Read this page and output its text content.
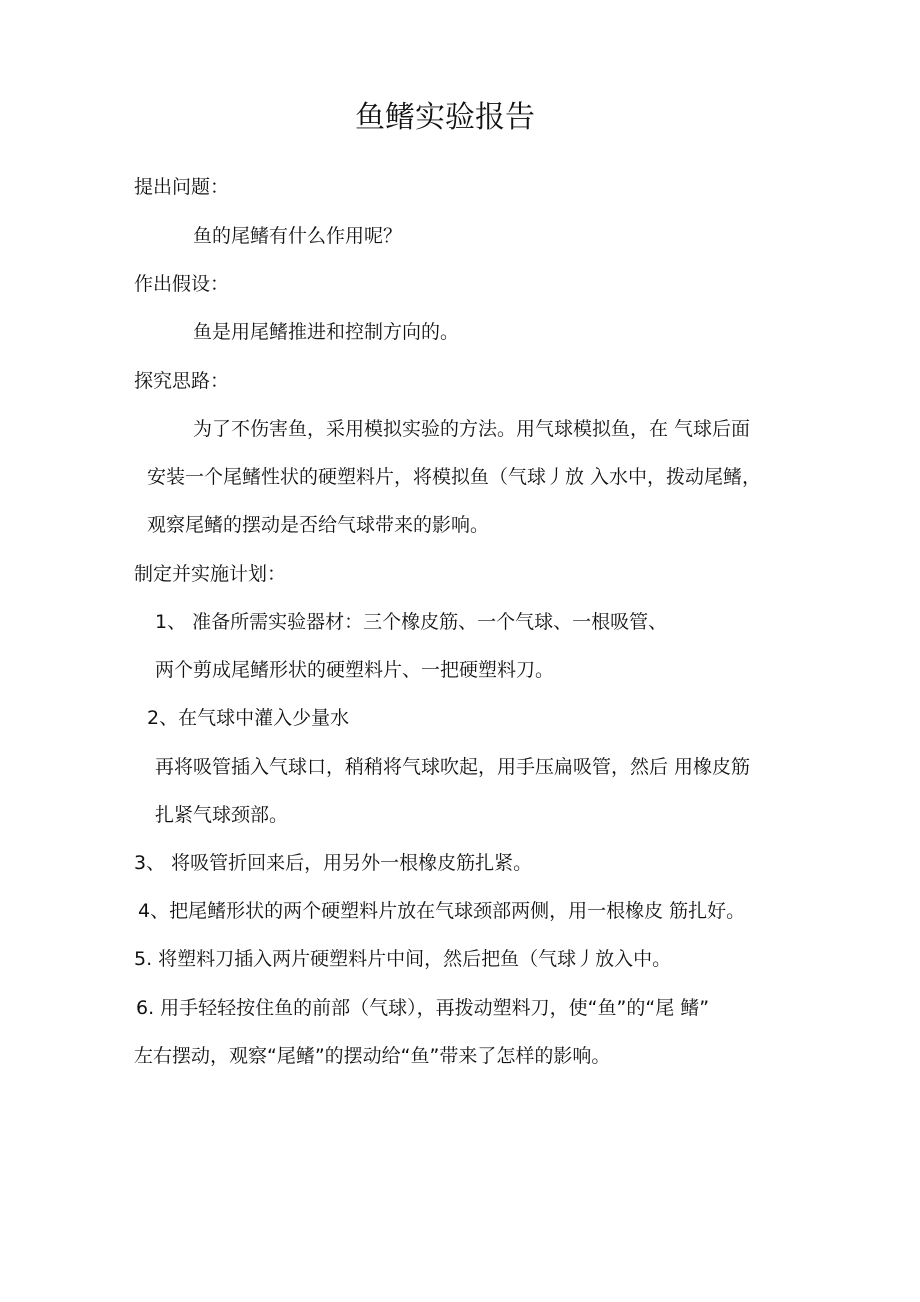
鱼鳍实验报告
提出问题：
鱼的尾鳍有什么作用呢？
作出假设：
鱼是用尾鳍推进和控制方向的。
探究思路：
为了不伤害鱼，采用模拟实验的方法。用气球模拟鱼，在 气球后面
安装一个尾鳍性状的硬塑料片，将模拟鱼（气球丿放 入水中，拨动尾鳍，
观察尾鳍的摆动是否给气球带来的影响。
制定并实施计划：
1、 准备所需实验器材：三个橡皮筋、一个气球、一根吸管、
两个剪成尾鳍形状的硬塑料片、一把硬塑料刀。
2、在气球中灌入少量水
再将吸管插入气球口，稍稍将气球吹起，用手压扁吸管，然后 用橡皮筋
扎紧气球颈部。
3、 将吸管折回来后，用另外一根橡皮筋扎紧。
4、把尾鳍形状的两个硬塑料片放在气球颈部两侧，用一根橡皮 筋扎好。
5. 将塑料刀插入两片硬塑料片中间，然后把鱼（气球丿放入中。
6. 用手轻轻按住鱼的前部（气球），再拨动塑料刀，使“鱼”的“尾 鳍”
左右摆动，观察“尾鳍”的摆动给“鱼”带来了怎样的影响。
